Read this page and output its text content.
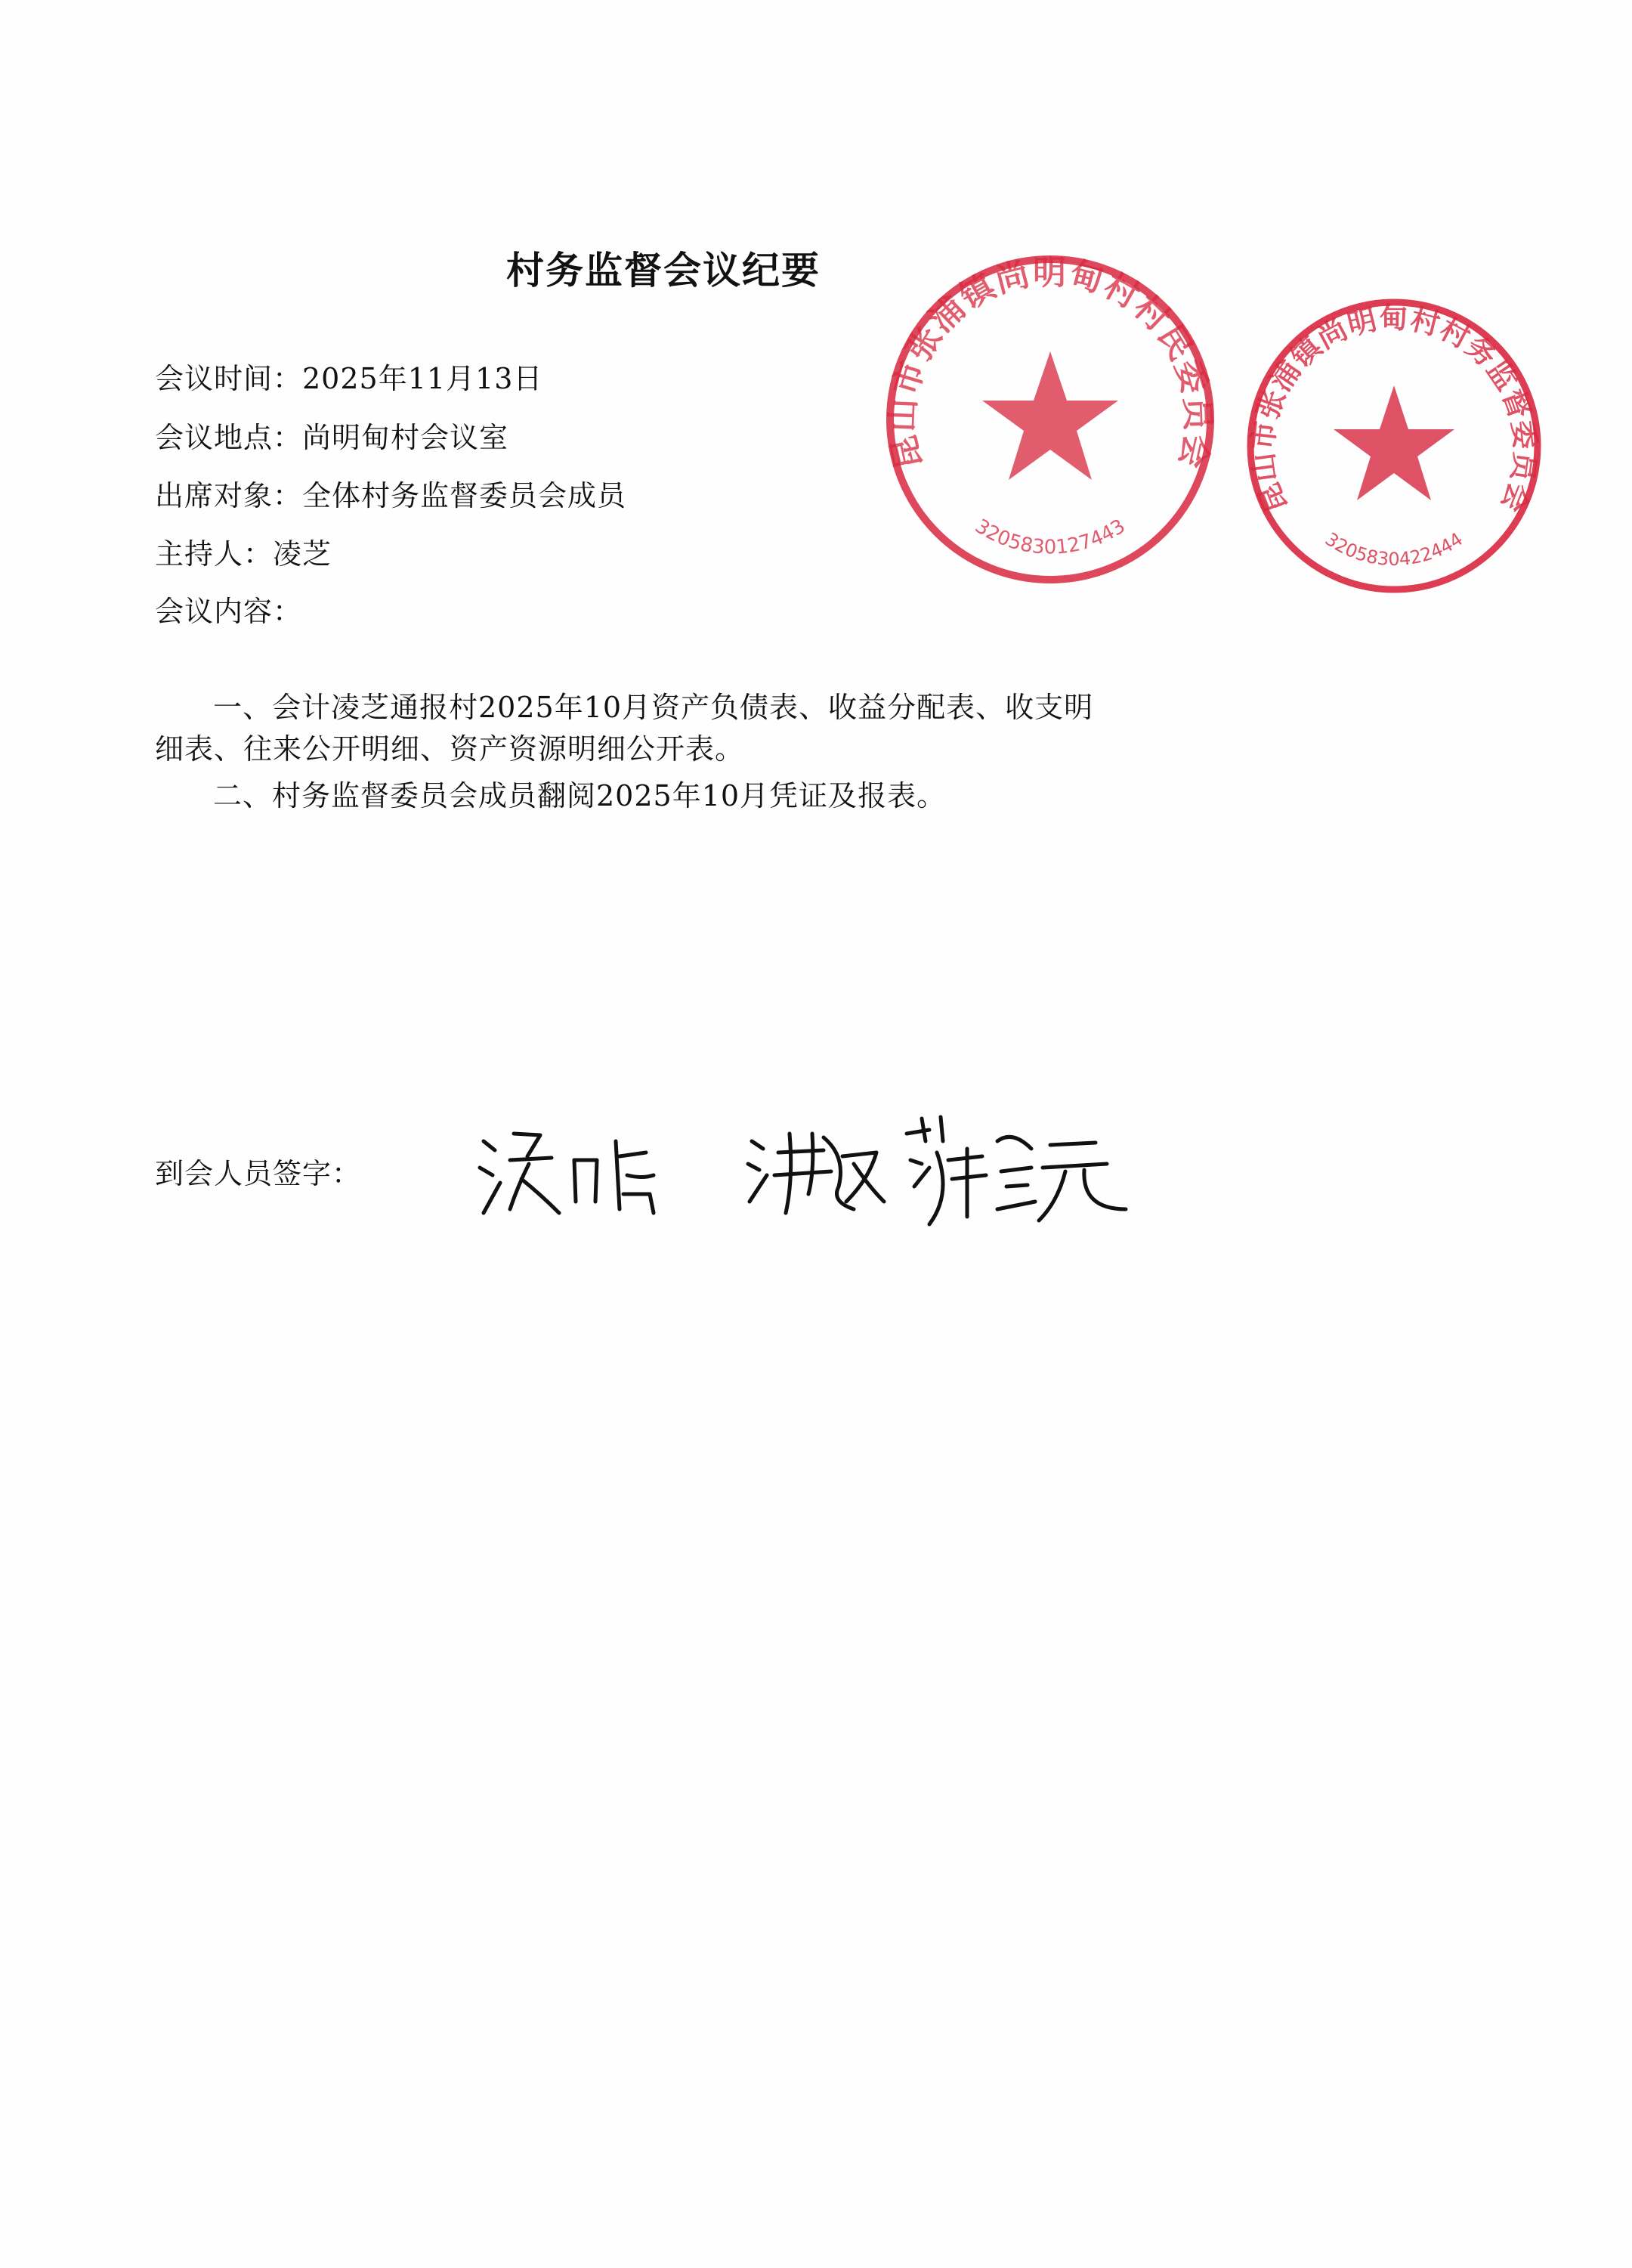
村务监督会议纪要
会议时间：2025年11月13日
会议地点：尚明甸村会议室
出席对象：全体村务监督委员会成员
主持人：凌芝
会议内容：
一、会计凌芝通报村2025年10月资产负债表、收益分配表、收支明
细表、往来公开明细、资产资源明细公开表。
二、村务监督委员会成员翻阅2025年10月凭证及报表。
到会人员签字：
昆山市张浦镇尚明甸村村民委员会
3205830127443
昆山市张浦镇尚明甸村村务监督委员会
3205830422444
